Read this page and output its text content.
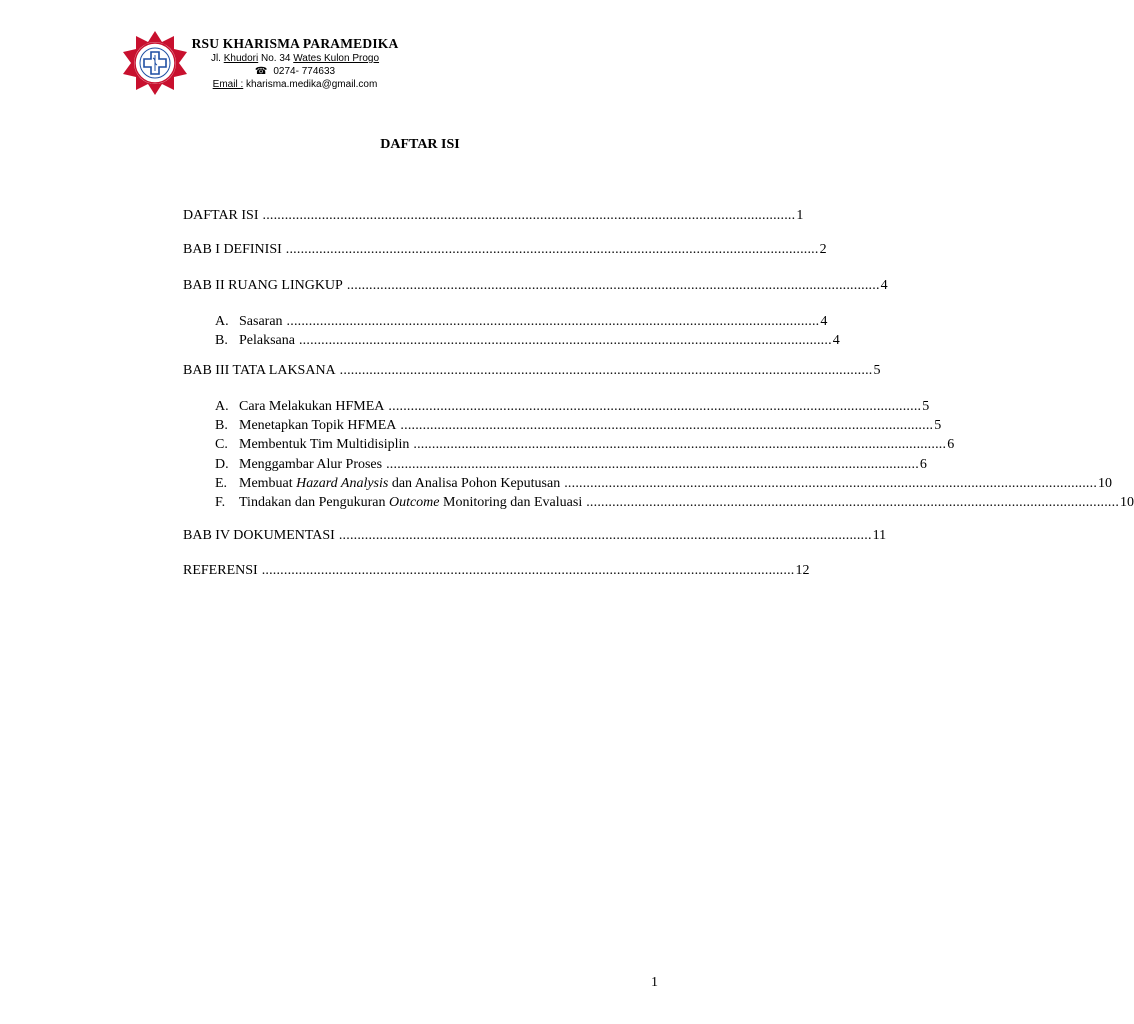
RSU KHARISMA PARAMEDIKA
Jl. Khudori No. 34 Wates Kulon Progo
☎ 0274- 774633
Email : kharisma.medika@gmail.com
DAFTAR ISI
DAFTAR ISI ................................................................................................................................................ 1
BAB I DEFINISI ................................................................................................................................................ 2
BAB II RUANG LINGKUP ................................................................................................................................................ 4
A. Sasaran ................................................................................................................................................ 4
B. Pelaksana ................................................................................................................................................ 4
BAB III TATA LAKSANA ................................................................................................................................................ 5
A. Cara Melakukan HFMEA ................................................................................................................................................ 5
B. Menetapkan Topik HFMEA ................................................................................................................................................ 5
C. Membentuk Tim Multidisiplin ................................................................................................................................................ 6
D. Menggambar Alur Proses ................................................................................................................................................ 6
E. Membuat Hazard Analysis dan Analisa Pohon Keputusan ................................................................................................................................................ 10
F. Tindakan dan Pengukuran Outcome Monitoring dan Evaluasi ................................................................................................................................................ 10
BAB IV DOKUMENTASI ................................................................................................................................................ 11
REFERENSI ................................................................................................................................................ 12
1
